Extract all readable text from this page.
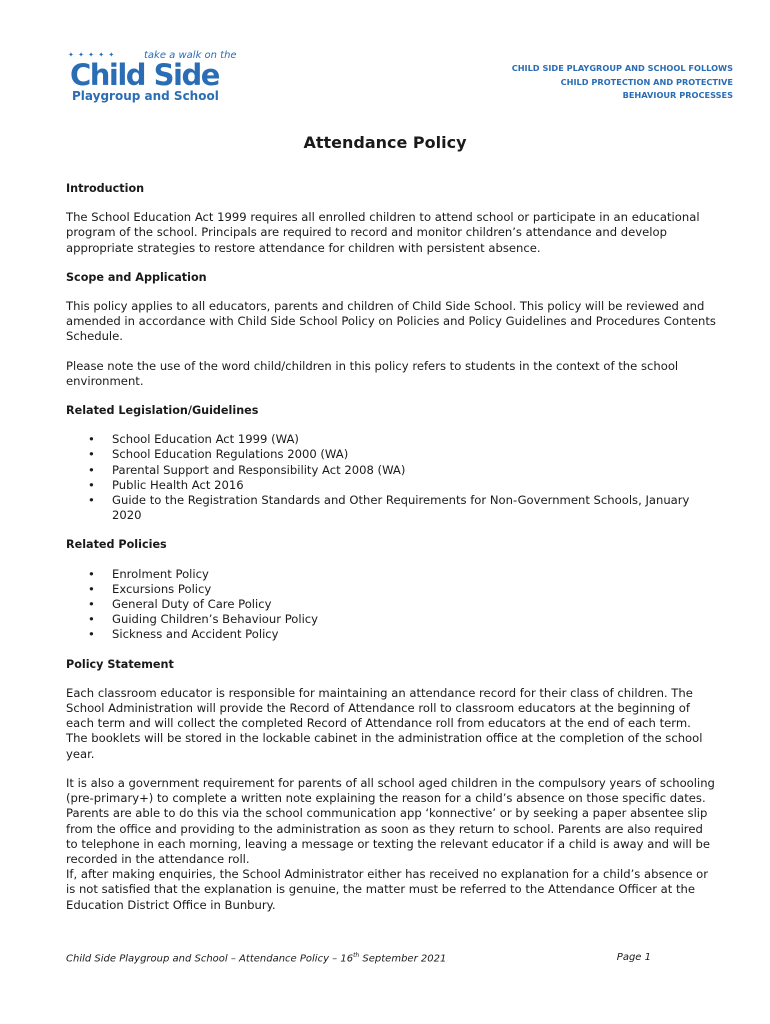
✦ ✦ ✦ ✦ ✦	take a walk on the
Child Side
Playgroup and School
CHILD SIDE PLAYGROUP AND SCHOOL FOLLOWS
CHILD PROTECTION AND PROTECTIVE
BEHAVIOUR PROCESSES
Attendance Policy
Introduction
The School Education Act 1999 requires all enrolled children to attend school or participate in an educational program of the school. Principals are required to record and monitor children’s attendance and develop appropriate strategies to restore attendance for children with persistent absence.
Scope and Application
This policy applies to all educators, parents and children of Child Side School. This policy will be reviewed and amended in accordance with Child Side School Policy on Policies and Policy Guidelines and Procedures Contents Schedule.
Please note the use of the word child/children in this policy refers to students in the context of the school environment.
Related Legislation/Guidelines
• School Education Act 1999 (WA)
• School Education Regulations 2000 (WA)
• Parental Support and Responsibility Act 2008 (WA)
• Public Health Act 2016
• Guide to the Registration Standards and Other Requirements for Non-Government Schools, January 2020
Related Policies
• Enrolment Policy
• Excursions Policy
• General Duty of Care Policy
• Guiding Children’s Behaviour Policy
• Sickness and Accident Policy
Policy Statement
Each classroom educator is responsible for maintaining an attendance record for their class of children. The School Administration will provide the Record of Attendance roll to classroom educators at the beginning of each term and will collect the completed Record of Attendance roll from educators at the end of each term. The booklets will be stored in the lockable cabinet in the administration office at the completion of the school year.
It is also a government requirement for parents of all school aged children in the compulsory years of schooling (pre-primary+) to complete a written note explaining the reason for a child’s absence on those specific dates. Parents are able to do this via the school communication app ‘konnective’ or by seeking a paper absentee slip from the office and providing to the administration as soon as they return to school. Parents are also required to telephone in each morning, leaving a message or texting the relevant educator if a child is away and will be recorded in the attendance roll.
If, after making enquiries, the School Administrator either has received no explanation for a child’s absence or is not satisfied that the explanation is genuine, the matter must be referred to the Attendance Officer at the Education District Office in Bunbury.
Child Side Playgroup and School – Attendance Policy – 16th September 2021	Page 1
